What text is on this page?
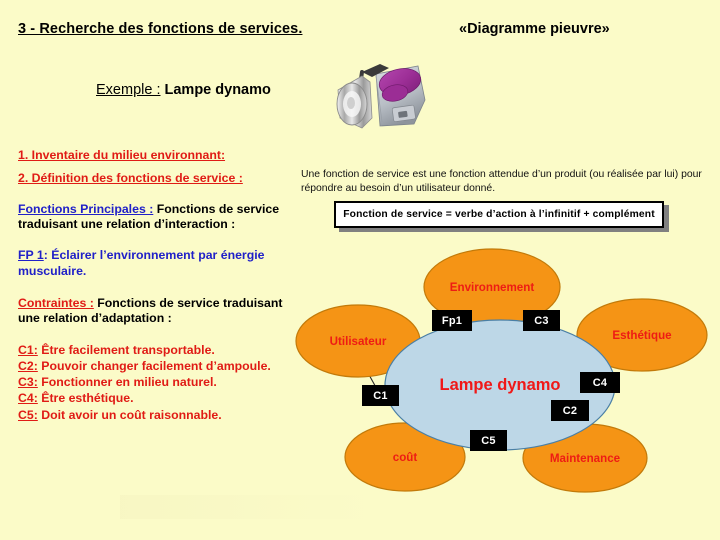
3 - Recherche des fonctions de services.	«Diagramme pieuvre»
Exemple : Lampe dynamo
1. Inventaire du milieu environnant:
2. Définition des fonctions de service :
Fonctions Principales : Fonctions de service traduisant une relation d’interaction :
FP 1: Éclairer l’environnement par énergie musculaire.
Contraintes : Fonctions de service traduisant une relation d’adaptation :
C1: Être facilement transportable.
C2: Pouvoir changer facilement d’ampoule.
C3: Fonctionner en milieu naturel.
C4: Être esthétique.
C5: Doit avoir un coût raisonnable.
Une fonction de service est une fonction attendue d’un produit (ou réalisée par lui) pour répondre au besoin d’un utilisateur donné.
Fonction de service = verbe d’action à l’infinitif + complément
Environnement
Utilisateur	Esthétique
coût	Maintenance
Lampe dynamo
Fp1	C3
C1
C4
C2
C5
